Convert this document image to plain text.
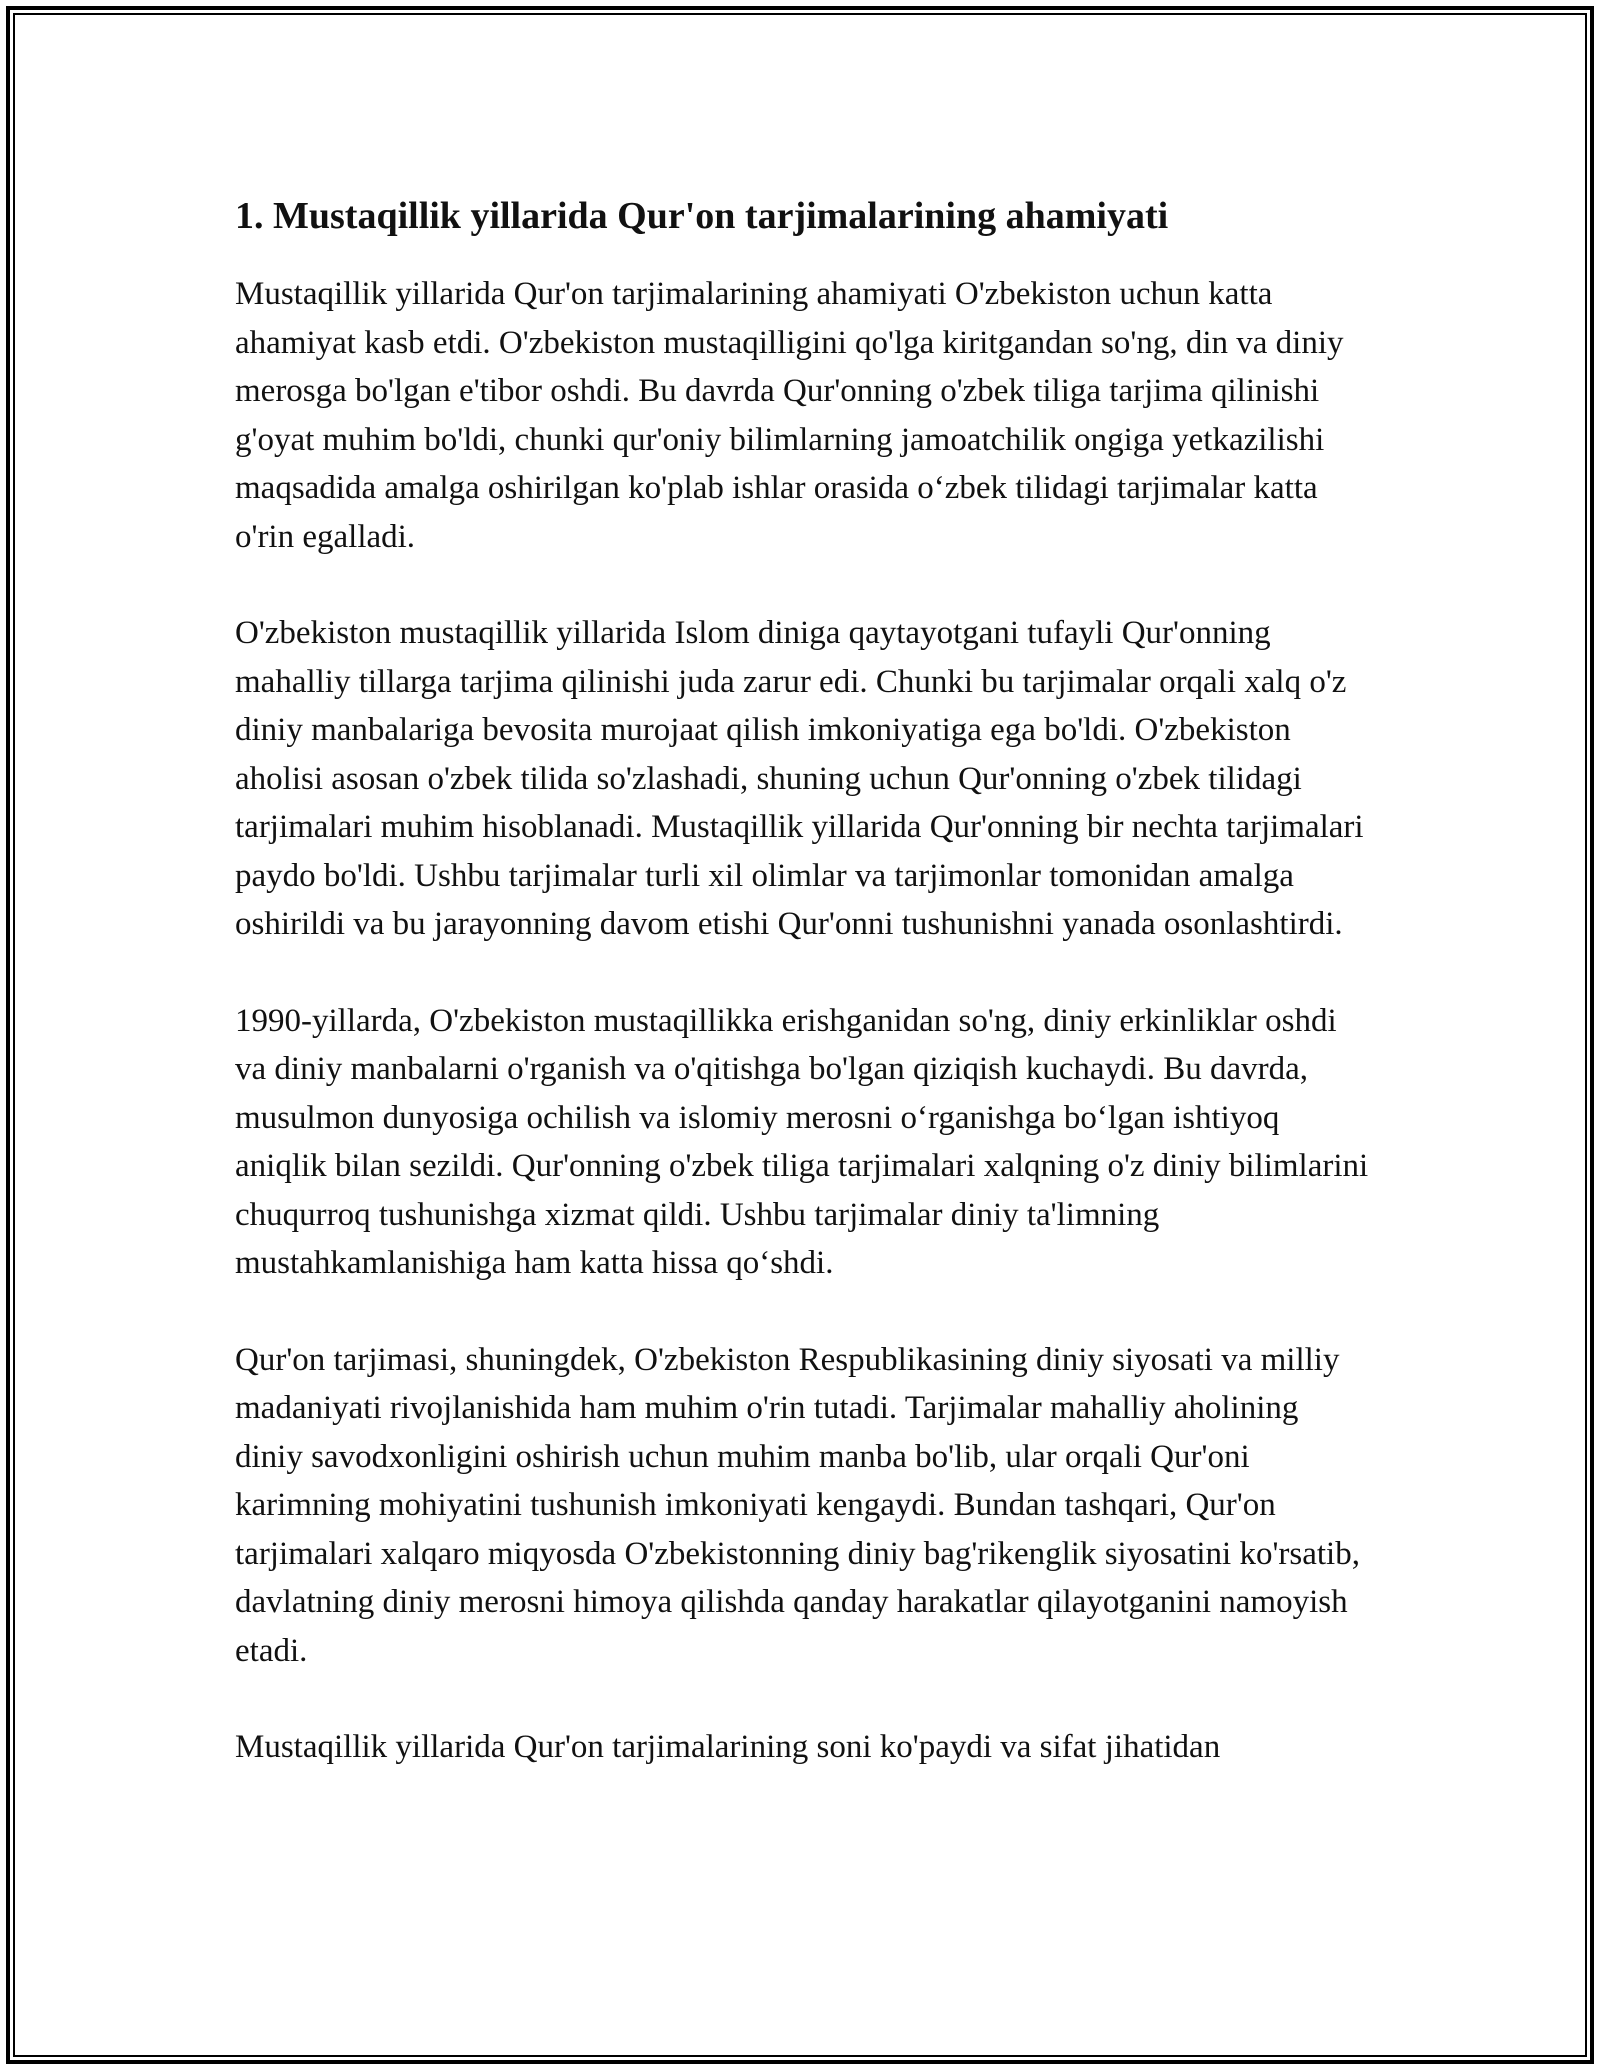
1. Mustaqillik yillarida Qur'on tarjimalarining ahamiyati

Mustaqillik yillarida Qur'on tarjimalarining ahamiyati O'zbekiston uchun katta ahamiyat kasb etdi. O'zbekiston mustaqilligini qo'lga kiritgandan so'ng, din va diniy merosga bo'lgan e'tibor oshdi. Bu davrda Qur'onning o'zbek tiliga tarjima qilinishi g'oyat muhim bo'ldi, chunki qur'oniy bilimlarning jamoatchilik ongiga yetkazilishi maqsadida amalga oshirilgan ko'plab ishlar orasida o‘zbek tilidagi tarjimalar katta o'rin egalladi.

O'zbekiston mustaqillik yillarida Islom diniga qaytayotgani tufayli Qur'onning mahalliy tillarga tarjima qilinishi juda zarur edi. Chunki bu tarjimalar orqali xalq o'z diniy manbalariga bevosita murojaat qilish imkoniyatiga ega bo'ldi. O'zbekiston aholisi asosan o'zbek tilida so'zlashadi, shuning uchun Qur'onning o'zbek tilidagi tarjimalari muhim hisoblanadi. Mustaqillik yillarida Qur'onning bir nechta tarjimalari paydo bo'ldi. Ushbu tarjimalar turli xil olimlar va tarjimonlar tomonidan amalga oshirildi va bu jarayonning davom etishi Qur'onni tushunishni yanada osonlashtirdi.

1990-yillarda, O'zbekiston mustaqillikka erishganidan so'ng, diniy erkinliklar oshdi va diniy manbalarni o'rganish va o'qitishga bo'lgan qiziqish kuchaydi. Bu davrda, musulmon dunyosiga ochilish va islomiy merosni o‘rganishga bo‘lgan ishtiyoq aniqlik bilan sezildi. Qur'onning o'zbek tiliga tarjimalari xalqning o'z diniy bilimlarini chuqurroq tushunishga xizmat qildi. Ushbu tarjimalar diniy ta'limning mustahkamlanishiga ham katta hissa qo‘shdi.

Qur'on tarjimasi, shuningdek, O'zbekiston Respublikasining diniy siyosati va milliy madaniyati rivojlanishida ham muhim o'rin tutadi. Tarjimalar mahalliy aholining diniy savodxonligini oshirish uchun muhim manba bo'lib, ular orqali Qur'oni karimning mohiyatini tushunish imkoniyati kengaydi. Bundan tashqari, Qur'on tarjimalari xalqaro miqyosda O'zbekistonning diniy bag'rikenglik siyosatini ko'rsatib, davlatning diniy merosni himoya qilishda qanday harakatlar qilayotganini namoyish etadi.

Mustaqillik yillarida Qur'on tarjimalarining soni ko'paydi va sifat jihatidan
